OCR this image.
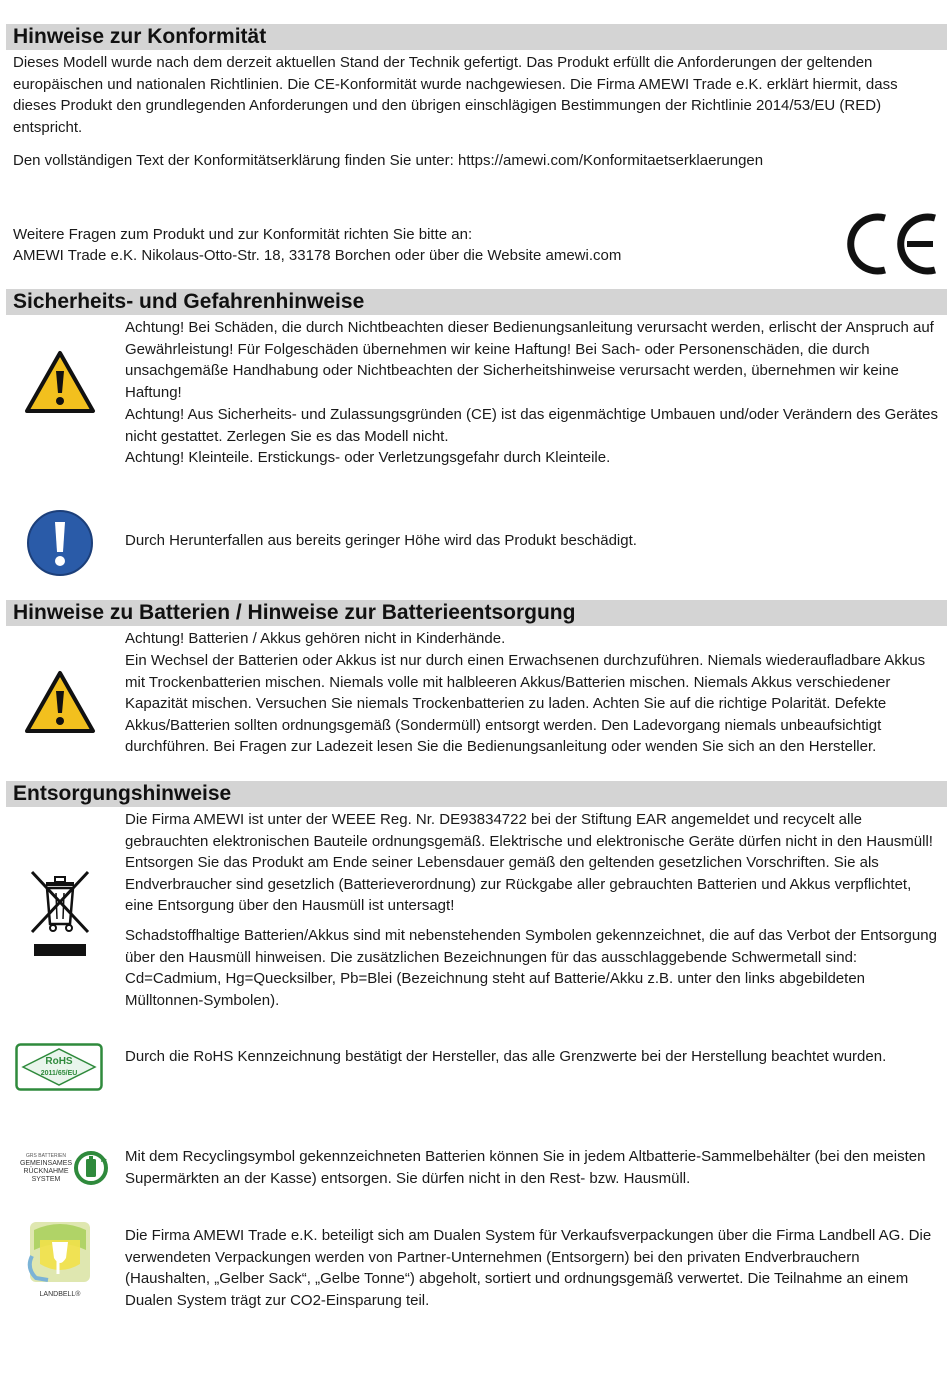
Hinweise zur Konformität

Dieses Modell wurde nach dem derzeit aktuellen Stand der Technik gefertigt. Das Produkt erfüllt die Anforderungen der geltenden europäischen und nationalen Richtlinien. Die CE-Konformität wurde nachgewiesen. Die Firma AMEWI Trade e.K. erklärt hiermit, dass dieses Produkt den grundlegenden Anforderungen und den übrigen einschlägigen Bestimmungen der Richtlinie 2014/53/EU (RED) entspricht.

Den vollständigen Text der Konformitätserklärung finden Sie unter: https://amewi.com/Konformitaetserklaerungen

Weitere Fragen zum Produkt und zur Konformität richten Sie bitte an:

AMEWI Trade e.K. Nikolaus-Otto-Str. 18, 33178 Borchen oder über die Website amewi.com

Sicherheits- und Gefahrenhinweise

Achtung! Bei Schäden, die durch Nichtbeachten dieser Bedienungsanleitung verursacht werden, erlischt der Anspruch auf Gewährleistung! Für Folgeschäden übernehmen wir keine Haftung! Bei Sach- oder Personenschäden, die durch unsachgemäße Handhabung oder Nichtbeachten der Sicherheitshinweise verursacht werden, übernehmen wir keine Haftung!

Achtung! Aus Sicherheits- und Zulassungsgründen (CE) ist das eigenmächtige Umbauen und/oder Verändern des Gerätes nicht gestattet. Zerlegen Sie es das Modell nicht.

Achtung! Kleinteile. Erstickungs- oder Verletzungsgefahr durch Kleinteile.

Durch Herunterfallen aus bereits geringer Höhe wird das Produkt beschädigt.

Hinweise zu Batterien / Hinweise zur Batterieentsorgung

Achtung! Batterien / Akkus gehören nicht in Kinderhände.

Ein Wechsel der Batterien oder Akkus ist nur durch einen Erwachsenen durchzuführen. Niemals wiederaufladbare Akkus mit Trockenbatterien mischen. Niemals volle mit halbleeren Akkus/Batterien mischen. Niemals Akkus verschiedener Kapazität mischen. Versuchen Sie niemals Trockenbatterien zu laden. Achten Sie auf die richtige Polarität. Defekte Akkus/Batterien sollten ordnungsgemäß (Sondermüll) entsorgt werden. Den Ladevorgang niemals unbeaufsichtigt durchführen. Bei Fragen zur Ladezeit lesen Sie die Bedienungsanleitung oder wenden Sie sich an den Hersteller.

Entsorgungshinweise

Die Firma AMEWI ist unter der WEEE Reg. Nr. DE93834722 bei der Stiftung EAR angemeldet und recycelt alle gebrauchten elektronischen Bauteile ordnungsgemäß. Elektrische und elektronische Geräte dürfen nicht in den Hausmüll! Entsorgen Sie das Produkt am Ende seiner Lebensdauer gemäß den geltenden gesetzlichen Vorschriften. Sie als Endverbraucher sind gesetzlich (Batterieverordnung) zur Rückgabe aller gebrauchten Batterien und Akkus verpflichtet, eine Entsorgung über den Hausmüll ist untersagt!

Schadstoffhaltige Batterien/Akkus sind mit nebenstehenden Symbolen gekennzeichnet, die auf das Verbot der Entsorgung über den Hausmüll hinweisen. Die zusätzlichen Bezeichnungen für das ausschlaggebende Schwermetall sind: Cd=Cadmium, Hg=Quecksilber, Pb=Blei (Bezeichnung steht auf Batterie/Akku z.B. unter den links abgebildeten Mülltonnen-Symbolen).

RoHS
2011/65/EU

Durch die RoHS Kennzeichnung bestätigt der Hersteller, das alle Grenzwerte bei der Herstellung beachtet wurden.

GRS BATTERIEN
GEMEINSAMES
RÜCKNAHME
SYSTEM

Mit dem Recyclingsymbol gekennzeichneten Batterien können Sie in jedem Altbatterie-Sammelbehälter (bei den meisten Supermärkten an der Kasse) entsorgen. Sie dürfen nicht in den Rest- bzw. Hausmüll.

LANDBELL®

Die Firma AMEWI Trade e.K. beteiligt sich am Dualen System für Verkaufsverpackungen über die Firma Landbell AG. Die verwendeten Verpackungen werden von Partner-Unternehmen (Entsorgern) bei den privaten Endverbrauchern (Haushalten, „Gelber Sack“, „Gelbe Tonne“) abgeholt, sortiert und ordnungsgemäß verwertet. Die Teilnahme an einem Dualen System trägt zur CO2-Einsparung teil.
